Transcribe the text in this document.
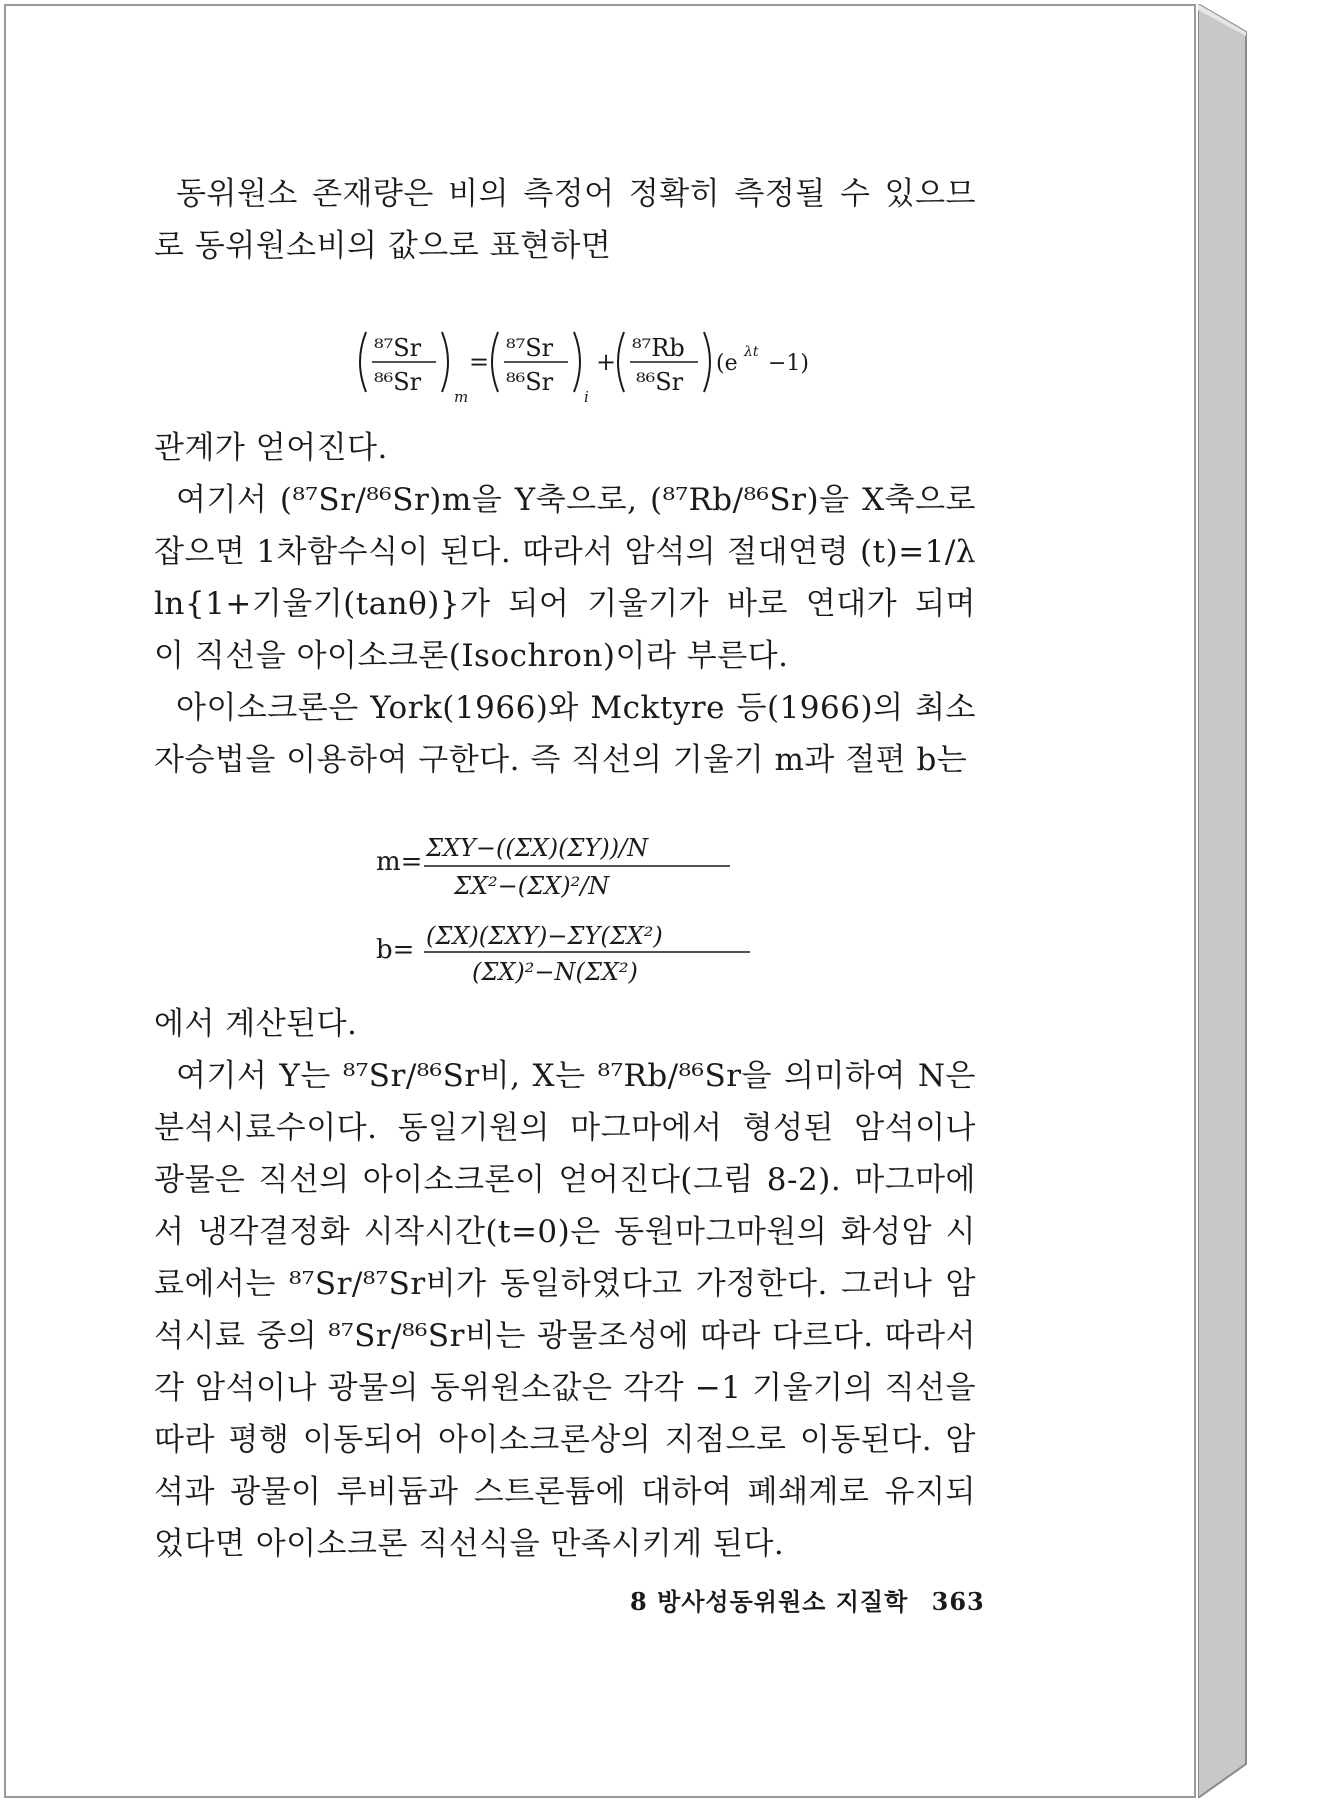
동위원소 존재량은 비의 측정어 정확히 측정될 수 있으므로 동위원소비의 값으로 표현하면

⁸⁷Sr
⁸⁶Sr
m
= ⁸⁷Sr
⁸⁶Sr
i
+ ⁸⁷Rb
⁸⁶Sr
(e λt −1)

관계가 얻어진다.

여기서 (⁸⁷Sr/⁸⁶Sr)m을 Y축으로, (⁸⁷Rb/⁸⁶Sr)을 X축으로 잡으면 1차함수식이 된다. 따라서 암석의 절대연령 (t)=1/λ ln{1+기울기(tanθ)}가 되어 기울기가 바로 연대가 되며 이 직선을 아이소크론(Isochron)이라 부른다.

아이소크론은 York(1966)와 Mcktyre 등(1966)의 최소 자승법을 이용하여 구한다. 즉 직선의 기울기 m과 절편 b는

m= ΣXY−((ΣX)(ΣY))/N
ΣX²−(ΣX)²/N
b= (ΣX)(ΣXY)−ΣY(ΣX²)
(ΣX)²−N(ΣX²)

에서 계산된다.

여기서 Y는 ⁸⁷Sr/⁸⁶Sr비, X는 ⁸⁷Rb/⁸⁶Sr을 의미하여 N은 분석시료수이다. 동일기원의 마그마에서 형성된 암석이나 광물은 직선의 아이소크론이 얻어진다(그림 8-2). 마그마에서 냉각결정화 시작시간(t=0)은 동원마그마원의 화성암 시료에서는 ⁸⁷Sr/⁸⁷Sr비가 동일하였다고 가정한다. 그러나 암석시료 중의 ⁸⁷Sr/⁸⁶Sr비는 광물조성에 따라 다르다. 따라서 각 암석이나 광물의 동위원소값은 각각 −1 기울기의 직선을 따라 평행 이동되어 아이소크론상의 지점으로 이동된다. 암석과 광물이 루비듐과 스트론튬에 대하여 폐쇄계로 유지되었다면 아이소크론 직선식을 만족시키게 된다.

8 방사성동위원소 지질학 363
